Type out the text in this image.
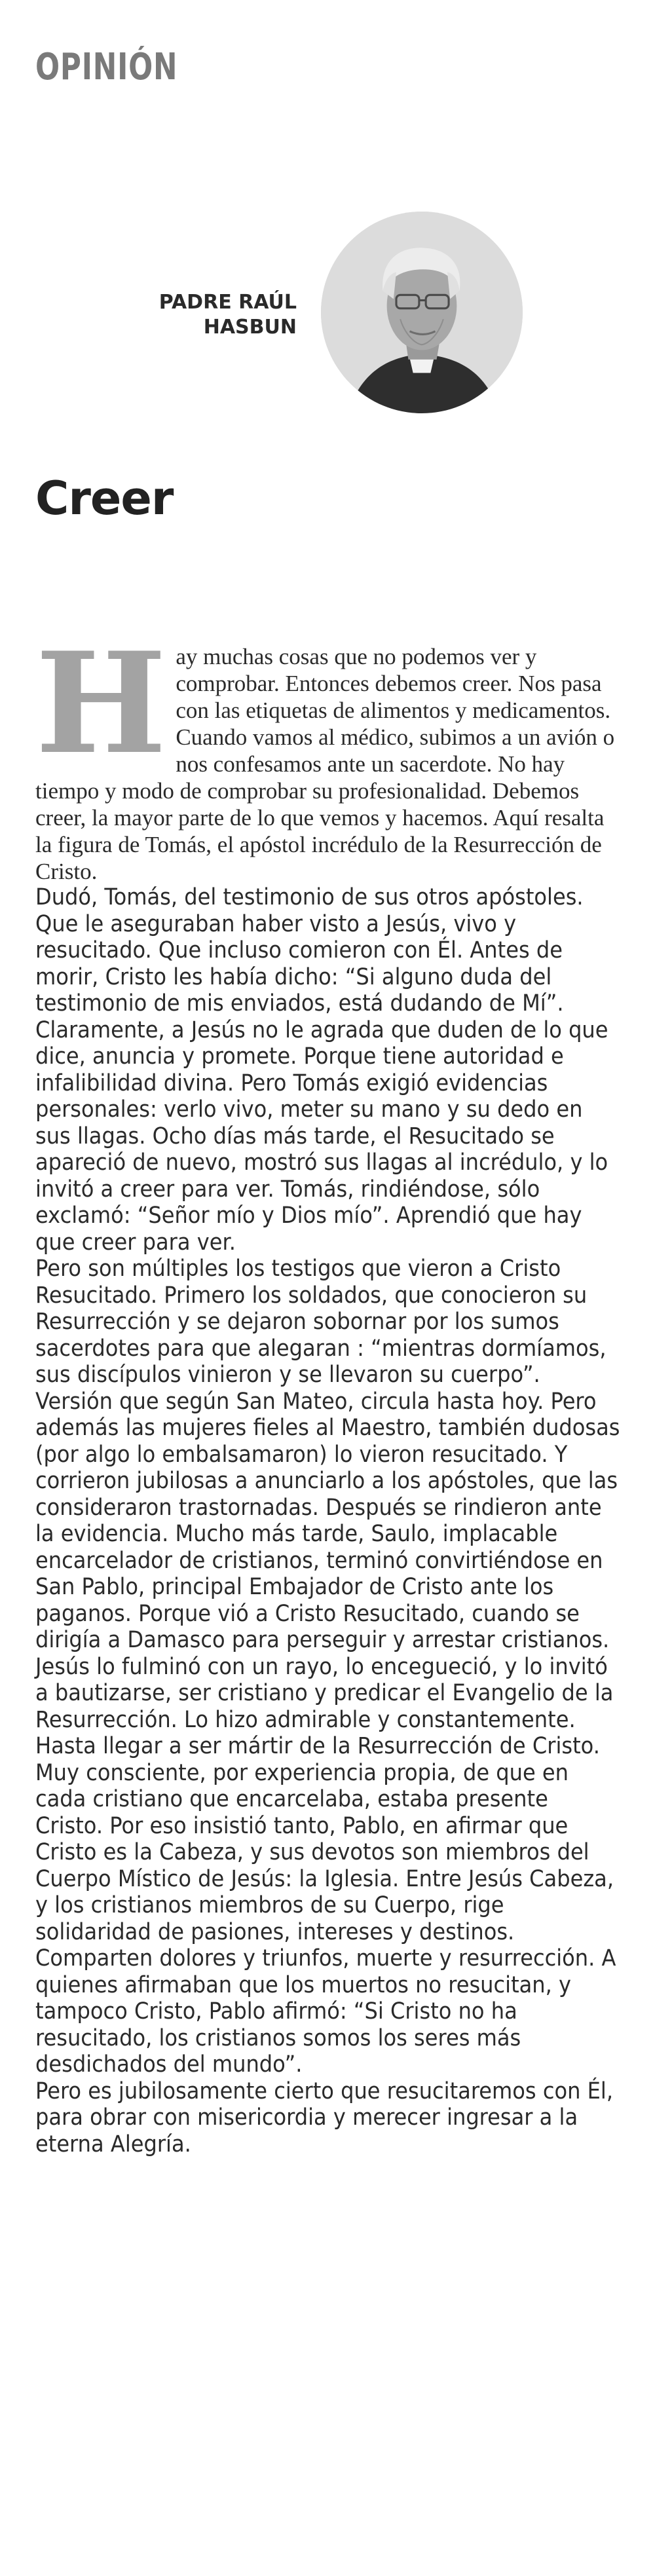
OPINIÓN
PADRE RAÚL
HASBUN
Creer
Hay muchas cosas que no podemos ver y comprobar. Entonces debemos creer. Nos pasa con las etiquetas de alimentos y medicamentos. Cuando vamos al médico, subimos a un avión o nos confesamos ante un sacerdote. No hay tiempo y modo de comprobar su profesionalidad. Debemos creer, la mayor parte de lo que vemos y hacemos. Aquí resalta la figura de Tomás, el apóstol incrédulo de la Resurrección de Cristo.

Dudó, Tomás, del testimonio de sus otros apóstoles. Que le aseguraban haber visto a Jesús, vivo y resucitado. Que incluso comieron con Él. Antes de morir, Cristo les había dicho: “Si alguno duda del testimonio de mis enviados, está dudando de Mí”. Claramente, a Jesús no le agrada que duden de lo que dice, anuncia y promete. Porque tiene autoridad e infalibilidad divina. Pero Tomás exigió evidencias personales: verlo vivo, meter su mano y su dedo en sus llagas. Ocho días más tarde, el Resucitado se apareció de nuevo, mostró sus llagas al incrédulo, y lo invitó a creer para ver. Tomás, rindiéndose, sólo exclamó: “Señor mío y Dios mío”. Aprendió que hay que creer para ver.

Pero son múltiples los testigos que vieron a Cristo Resucitado. Primero los soldados, que conocieron su Resurrección y se dejaron sobornar por los sumos sacerdotes para que alegaran : “mientras dormíamos, sus discípulos vinieron y se llevaron su cuerpo”. Versión que según San Mateo, circula hasta hoy. Pero además las mujeres fieles al Maestro, también dudosas (por algo lo embalsamaron) lo vieron resucitado. Y corrieron jubilosas a anunciarlo a los apóstoles, que las consideraron trastornadas. Después se rindieron ante la evidencia. Mucho más tarde, Saulo, implacable encarcelador de cristianos, terminó convirtiéndose en San Pablo, principal Embajador de Cristo ante los paganos. Porque vió a Cristo Resucitado, cuando se dirigía a Damasco para perseguir y arrestar cristianos. Jesús lo fulminó con un rayo, lo encegueció, y lo invitó a bautizarse, ser cristiano y predicar el Evangelio de la Resurrección. Lo hizo admirable y constantemente. Hasta llegar a ser mártir de la Resurrección de Cristo. Muy consciente, por experiencia propia, de que en cada cristiano que encarcelaba, estaba presente Cristo. Por eso insistió tanto, Pablo, en afirmar que Cristo es la Cabeza, y sus devotos son miembros del Cuerpo Místico de Jesús: la Iglesia. Entre Jesús Cabeza, y los cristianos miembros de su Cuerpo, rige solidaridad de pasiones, intereses y destinos. Comparten dolores y triunfos, muerte y resurrección. A quienes afirmaban que los muertos no resucitan, y tampoco Cristo, Pablo afirmó: “Si Cristo no ha resucitado, los cristianos somos los seres más desdichados del mundo”.

Pero es jubilosamente cierto que resucitaremos con Él, para obrar con misericordia y merecer ingresar a la eterna Alegría.
